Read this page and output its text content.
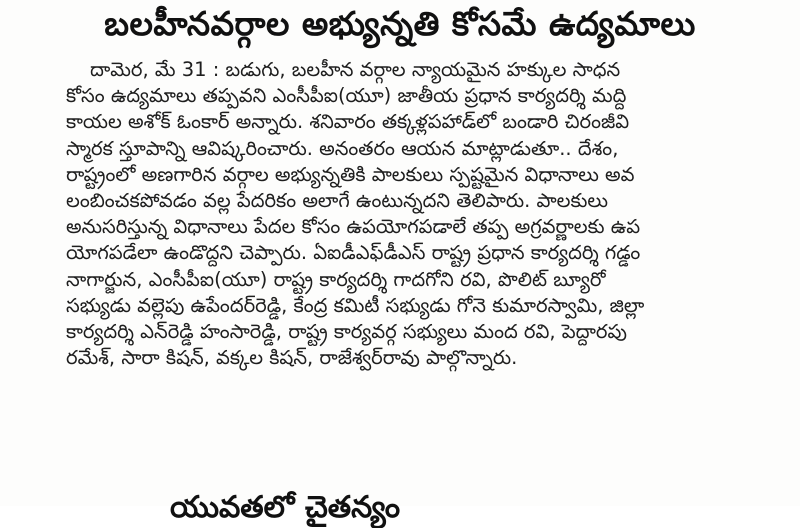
బలహీనవర్గాల అభ్యున్నతి కోసమే ఉద్యమాలు
దామెర, మే 31 : బడుగు, బలహీన వర్గాల న్యాయమైన హక్కుల సాధన
కోసం ఉద్యమాలు తప్పవని ఎంసీపీఐ(యూ) జాతీయ ప్రధాన కార్యదర్శి మద్ది
కాయల అశోక్ ఓంకార్ అన్నారు. శనివారం తక్కళ్లపహాడ్‌లో బండారి చిరంజీవి
స్మారక స్తూపాన్ని ఆవిష్కరించారు. అనంతరం ఆయన మాట్లాడుతూ.. దేశం,
రాష్ట్రంలో అణగారిన వర్గాల అభ్యున్నతికి పాలకులు స్పష్టమైన విధానాలు అవ
లంబించకపోవడం వల్ల పేదరికం అలాగే ఉంటున్నదని తెలిపారు. పాలకులు
అనుసరిస్తున్న విధానాలు పేదల కోసం ఉపయోగపడాలే తప్ప అగ్రవర్ణాలకు ఉప
యోగపడేలా ఉండొద్దని చెప్పారు. ఏఐడీఎఫ్‌డీఎస్ రాష్ట్ర ప్రధాన కార్యదర్శి గడ్డం
నాగార్జున, ఎంసీపీఐ(యూ) రాష్ట్ర కార్యదర్శి గాదగోని రవి, పొలిట్ బ్యూరో
సభ్యుడు వల్లెపు ఉపేందర్‌రెడ్డి, కేంద్ర కమిటీ సభ్యుడు గోనె కుమారస్వామి, జిల్లా
కార్యదర్శి ఎన్‌రెడ్డి హంసారెడ్డి, రాష్ట్ర కార్యవర్గ సభ్యులు మంద రవి, పెద్దారపు
రమేశ్, సారా కిషన్, వక్కల కిషన్, రాజేశ్వర్‌రావు పాల్గొన్నారు.
యువతలో చైతన్యం
